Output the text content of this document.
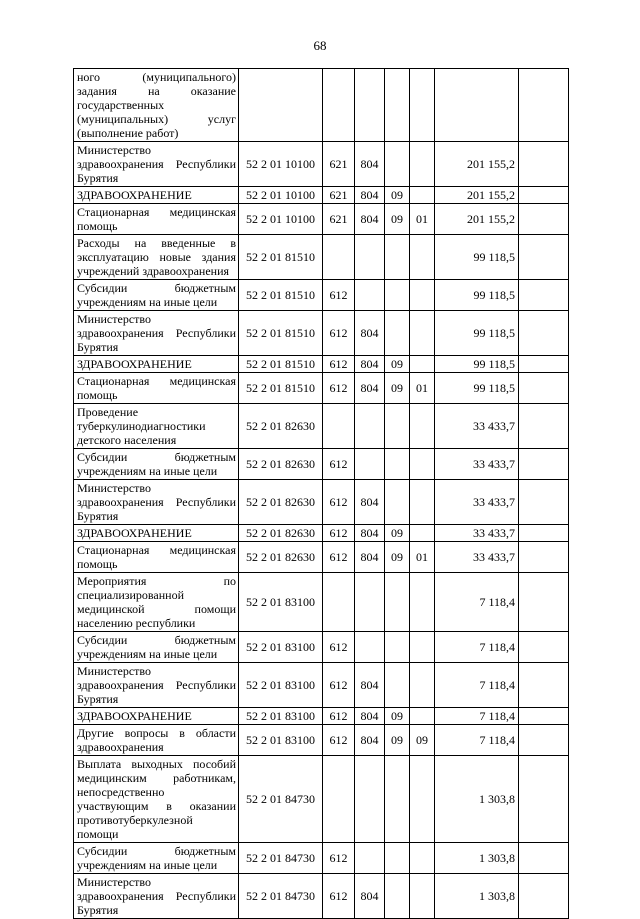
68
ного (муниципального) задания на оказание государственных (муниципальных) услуг (выполнение работ)							
Министерство здравоохранения Республики Бурятия	52 2 01 10100	621	804			201 155,2	
ЗДРАВООХРАНЕНИЕ	52 2 01 10100	621	804	09		201 155,2	
Стационарная медицинская помощь	52 2 01 10100	621	804	09	01	201 155,2	
Расходы на введенные в эксплуатацию новые здания учреждений здравоохранения	52 2 01 81510					99 118,5	
Субсидии бюджетным учреждениям на иные цели	52 2 01 81510	612				99 118,5	
Министерство здравоохранения Республики Бурятия	52 2 01 81510	612	804			99 118,5	
ЗДРАВООХРАНЕНИЕ	52 2 01 81510	612	804	09		99 118,5	
Стационарная медицинская помощь	52 2 01 81510	612	804	09	01	99 118,5	
Проведение туберкулинодиагностики детского населения	52 2 01 82630					33 433,7	
Субсидии бюджетным учреждениям на иные цели	52 2 01 82630	612				33 433,7	
Министерство здравоохранения Республики Бурятия	52 2 01 82630	612	804			33 433,7	
ЗДРАВООХРАНЕНИЕ	52 2 01 82630	612	804	09		33 433,7	
Стационарная медицинская помощь	52 2 01 82630	612	804	09	01	33 433,7	
Мероприятия по специализированной медицинской помощи населению республики	52 2 01 83100					7 118,4	
Субсидии бюджетным учреждениям на иные цели	52 2 01 83100	612				7 118,4	
Министерство здравоохранения Республики Бурятия	52 2 01 83100	612	804			7 118,4	
ЗДРАВООХРАНЕНИЕ	52 2 01 83100	612	804	09		7 118,4	
Другие вопросы в области здравоохранения	52 2 01 83100	612	804	09	09	7 118,4	
Выплата выходных пособий медицинским работникам, непосредственно участвующим в оказании противотуберкулезной помощи	52 2 01 84730					1 303,8	
Субсидии бюджетным учреждениям на иные цели	52 2 01 84730	612				1 303,8	
Министерство здравоохранения Республики Бурятия	52 2 01 84730	612	804			1 303,8	
